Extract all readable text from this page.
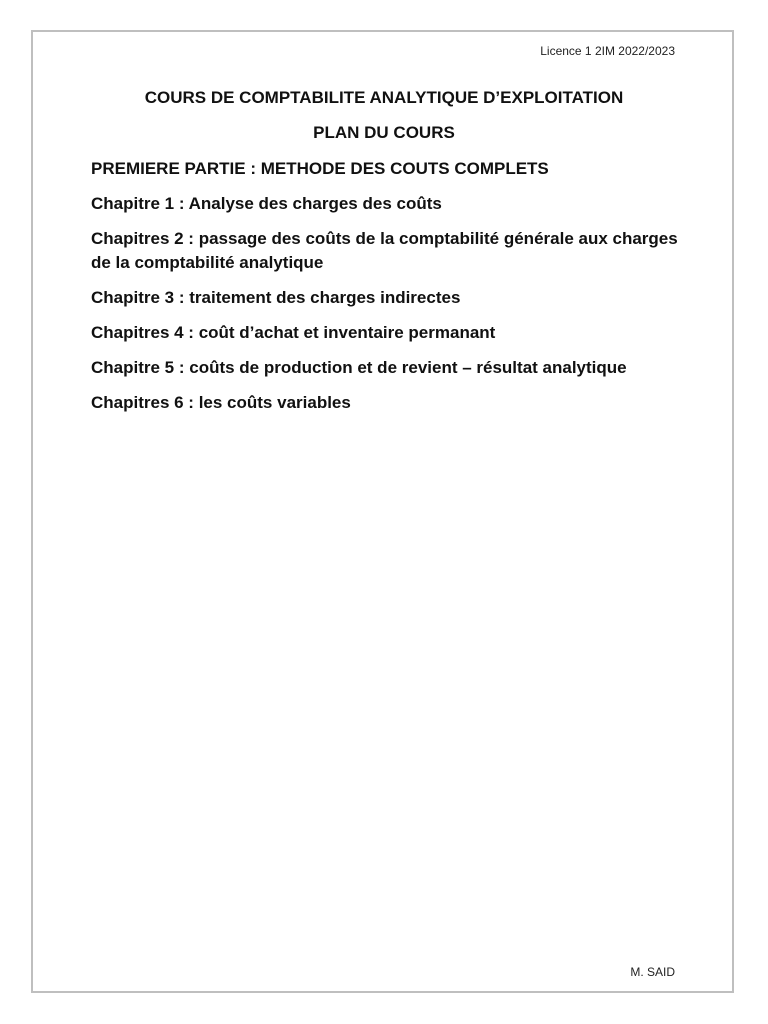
Licence 1 2IM 2022/2023
COURS DE COMPTABILITE ANALYTIQUE D’EXPLOITATION
PLAN DU COURS
PREMIERE PARTIE : METHODE DES COUTS COMPLETS
Chapitre 1 : Analyse des charges des coûts
Chapitres 2 : passage des coûts de la comptabilité générale aux charges de la comptabilité analytique
Chapitre 3 : traitement des charges indirectes
Chapitres 4 : coût d’achat et inventaire permanant
Chapitre 5 : coûts de production et de revient – résultat analytique
Chapitres 6 : les coûts variables
M. SAID
